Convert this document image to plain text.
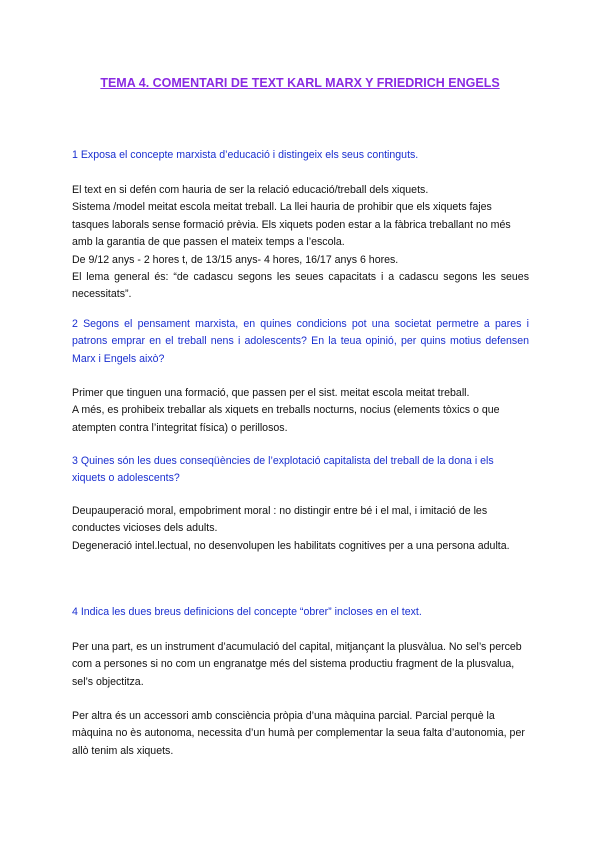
TEMA 4. COMENTARI DE TEXT KARL MARX Y FRIEDRICH ENGELS
1 Exposa el concepte marxista d’educació i distingeix els seus continguts.

El text en si defén com hauria de ser la relació educació/treball dels xiquets.

Sistema /model meitat escola meitat treball. La llei hauria de prohibir que els xiquets fajes tasques laborals sense formació prèvia. Els xiquets poden estar a la fàbrica treballant no més amb la garantia de que passen el mateix temps a l’escola.

De 9/12 anys - 2 hores t, de 13/15 anys- 4 hores, 16/17 anys 6 hores.

El lema general és: “de cadascu segons les seues capacitats i a cadascu segons les seues necessitats”.

2 Segons el pensament marxista, en quines condicions pot una societat permetre a pares i patrons emprar en el treball nens i adolescents? En la teua opinió, per quins motius defensen Marx i Engels això?

Primer que tinguen una formació, que passen per el sist. meitat escola meitat treball.

A més, es prohibeix treballar als xiquets en treballs nocturns, nocius (elements tòxics o que atempten contra l’integritat física) o perillosos.

3 Quines són les dues conseqüències de l’explotació capitalista del treball de la dona i els xiquets o adolescents?

Deupauperació moral, empobriment moral : no distingir entre bé i el mal, i imitació de les conductes vicioses dels adults.

Degeneració intel.lectual, no desenvolupen les habilitats cognitives per a una persona adulta.

4 Indica les dues breus definicions del concepte “obrer” incloses en el text.

Per una part, es un instrument d’acumulació del capital, mitjançant la plusvàlua. No sel’s perceb com a persones si no com un engranatge més del sistema productiu fragment de la plusvalua, sel’s objectitza.

Per altra és un accessori amb consciència pròpia d’una màquina parcial. Parcial perquè la màquina no ès autonoma, necessita d’un humà per complementar la seua falta d’autonomia, per allò tenim als xiquets.
